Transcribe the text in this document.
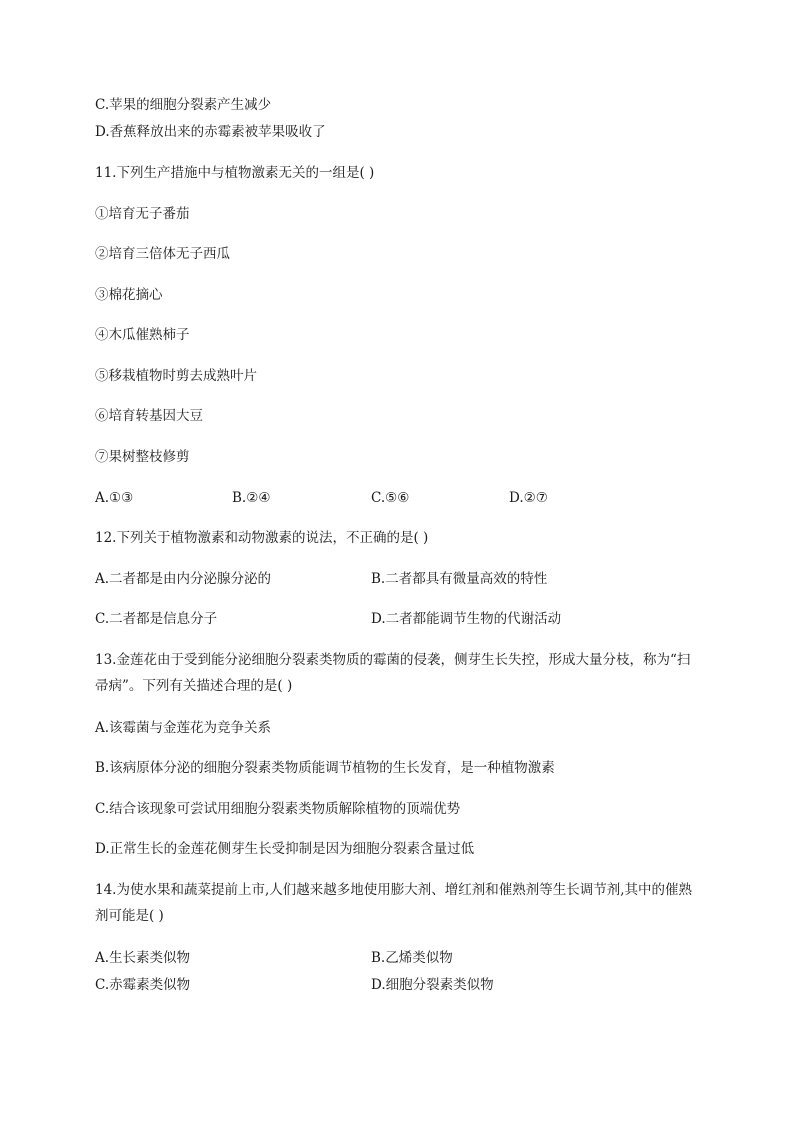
C.苹果的细胞分裂素产生减少
D.香蕉释放出来的赤霉素被苹果吸收了
11.下列生产措施中与植物激素无关的一组是( )
①培育无子番茄
②培育三倍体无子西瓜
③棉花摘心
④木瓜催熟柿子
⑤移栽植物时剪去成熟叶片
⑥培育转基因大豆
⑦果树整枝修剪
A.①③	B.②④	C.⑤⑥	D.②⑦
12.下列关于植物激素和动物激素的说法，不正确的是( )
A.二者都是由内分泌腺分泌的	B.二者都具有微量高效的特性
C.二者都是信息分子	D.二者都能调节生物的代谢活动
13.金莲花由于受到能分泌细胞分裂素类物质的霉菌的侵袭，侧芽生长失控，形成大量分枝，称为“扫帚病”。下列有关描述合理的是( )
A.该霉菌与金莲花为竞争关系
B.该病原体分泌的细胞分裂素类物质能调节植物的生长发育，是一种植物激素
C.结合该现象可尝试用细胞分裂素类物质解除植物的顶端优势
D.正常生长的金莲花侧芽生长受抑制是因为细胞分裂素含量过低
14.为使水果和蔬菜提前上市,人们越来越多地使用膨大剂、增红剂和催熟剂等生长调节剂,其中的催熟剂可能是( )
A.生长素类似物	B.乙烯类似物
C.赤霉素类似物	D.细胞分裂素类似物
